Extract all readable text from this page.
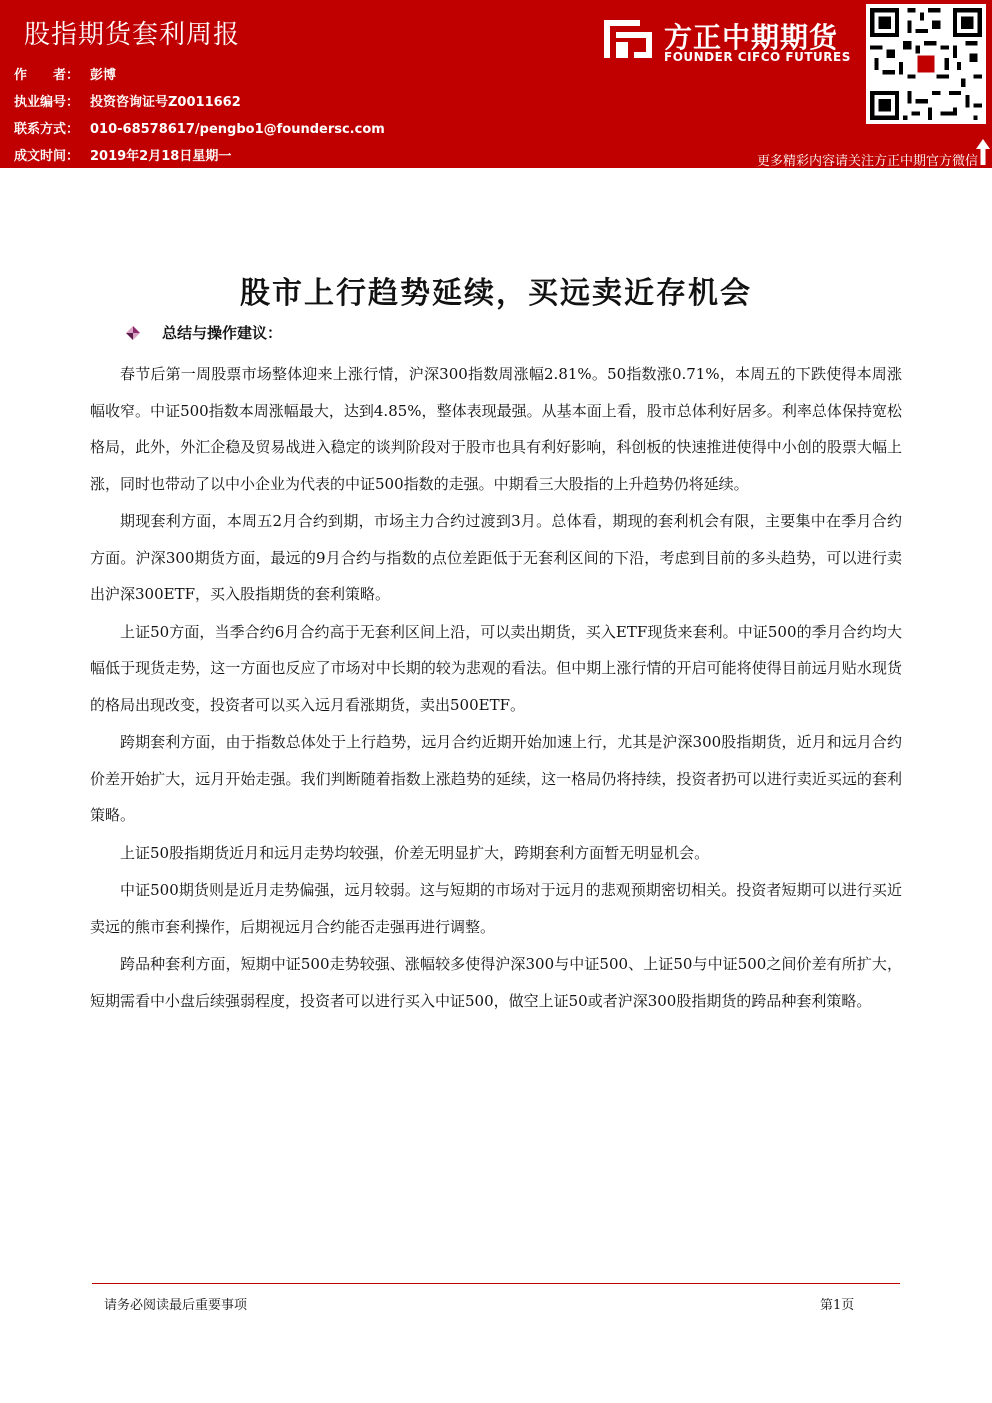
股指期货套利周报
作　　者： 彭博
执业编号： 投资咨询证号Z0011662
联系方式： 010-68578617/pengbo1@foundersc.com
成文时间： 2019年2月18日星期一
方正中期期货
FOUNDER CIFCO FUTURES
更多精彩内容请关注方正中期官方微信
股市上行趋势延续，买远卖近存机会
总结与操作建议：

春节后第一周股票市场整体迎来上涨行情，沪深300指数周涨幅2.81%。50指数涨0.71%，本周五的下跌使得本周涨幅收窄。中证500指数本周涨幅最大，达到4.85%，整体表现最强。从基本面上看，股市总体利好居多。利率总体保持宽松格局，此外，外汇企稳及贸易战进入稳定的谈判阶段对于股市也具有利好影响，科创板的快速推进使得中小创的股票大幅上涨，同时也带动了以中小企业为代表的中证500指数的走强。中期看三大股指的上升趋势仍将延续。

期现套利方面，本周五2月合约到期，市场主力合约过渡到3月。总体看，期现的套利机会有限，主要集中在季月合约方面。沪深300期货方面，最远的9月合约与指数的点位差距低于无套利区间的下沿，考虑到目前的多头趋势，可以进行卖出沪深300ETF，买入股指期货的套利策略。

上证50方面，当季合约6月合约高于无套利区间上沿，可以卖出期货，买入ETF现货来套利。中证500的季月合约均大幅低于现货走势，这一方面也反应了市场对中长期的较为悲观的看法。但中期上涨行情的开启可能将使得目前远月贴水现货的格局出现改变，投资者可以买入远月看涨期货，卖出500ETF。

跨期套利方面，由于指数总体处于上行趋势，远月合约近期开始加速上行，尤其是沪深300股指期货，近月和远月合约价差开始扩大，远月开始走强。我们判断随着指数上涨趋势的延续，这一格局仍将持续，投资者扔可以进行卖近买远的套利策略。

上证50股指期货近月和远月走势均较强，价差无明显扩大，跨期套利方面暂无明显机会。

中证500期货则是近月走势偏强，远月较弱。这与短期的市场对于远月的悲观预期密切相关。投资者短期可以进行买近卖远的熊市套利操作，后期视远月合约能否走强再进行调整。

跨品种套利方面，短期中证500走势较强、涨幅较多使得沪深300与中证500、上证50与中证500之间价差有所扩大，短期需看中小盘后续强弱程度，投资者可以进行买入中证500，做空上证50或者沪深300股指期货的跨品种套利策略。

请务必阅读最后重要事项	第1页
